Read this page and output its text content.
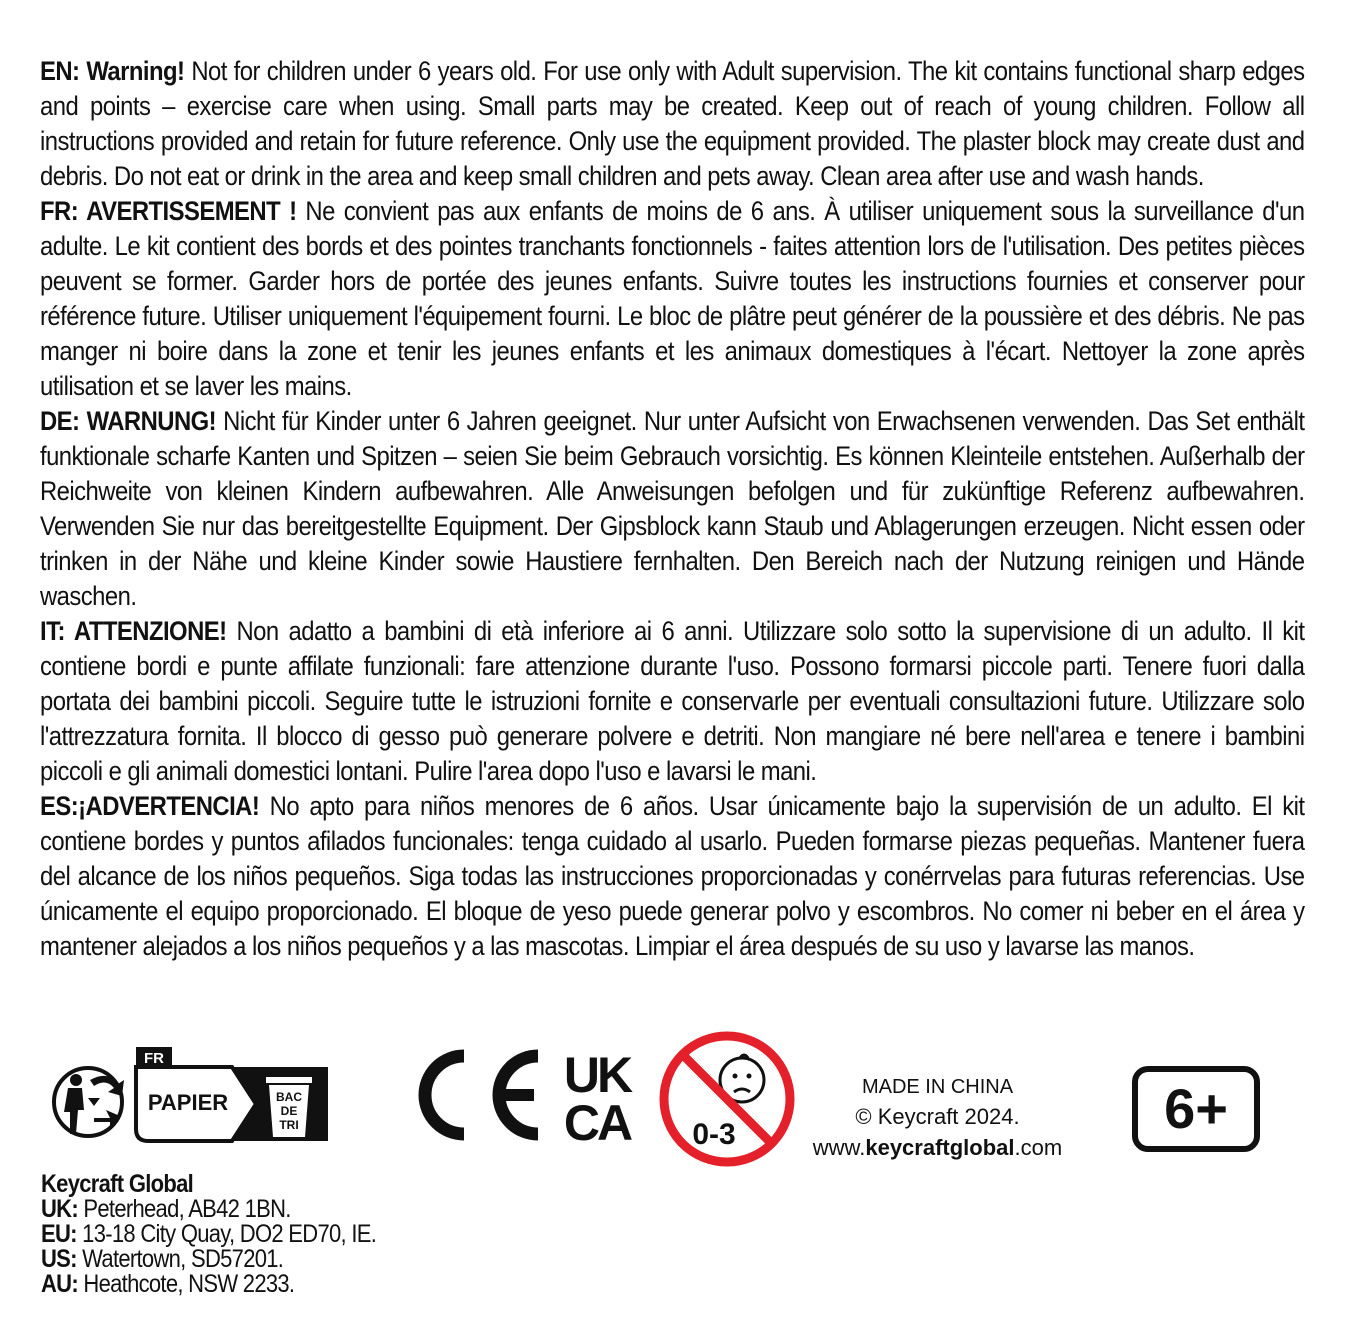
EN: Warning! Not for children under 6 years old. For use only with Adult supervision. The kit contains functional sharp edges and points – exercise care when using. Small parts may be created. Keep out of reach of young children. Follow all instructions provided and retain for future reference. Only use the equipment provided. The plaster block may create dust and debris. Do not eat or drink in the area and keep small children and pets away. Clean area after use and wash hands.

FR: AVERTISSEMENT ! Ne convient pas aux enfants de moins de 6 ans. À utiliser uniquement sous la surveillance d'un adulte. Le kit contient des bords et des pointes tranchants fonctionnels - faites attention lors de l'utilisation. Des petites pièces peuvent se former. Garder hors de portée des jeunes enfants. Suivre toutes les instructions fournies et conserver pour référence future. Utiliser uniquement l'équipement fourni. Le bloc de plâtre peut générer de la poussière et des débris. Ne pas manger ni boire dans la zone et tenir les jeunes enfants et les animaux domestiques à l'écart. Nettoyer la zone après utilisation et se laver les mains.

DE: WARNUNG! Nicht für Kinder unter 6 Jahren geeignet. Nur unter Aufsicht von Erwachsenen verwenden. Das Set enthält funktionale scharfe Kanten und Spitzen – seien Sie beim Gebrauch vorsichtig. Es können Kleinteile entstehen. Außerhalb der Reichweite von kleinen Kindern aufbewahren. Alle Anweisungen befolgen und für zukünftige Referenz aufbewahren. Verwenden Sie nur das bereitgestellte Equipment. Der Gipsblock kann Staub und Ablagerungen erzeugen. Nicht essen oder trinken in der Nähe und kleine Kinder sowie Haustiere fernhalten. Den Bereich nach der Nutzung reinigen und Hände waschen.

IT: ATTENZIONE! Non adatto a bambini di età inferiore ai 6 anni. Utilizzare solo sotto la supervisione di un adulto. Il kit contiene bordi e punte affilate funzionali: fare attenzione durante l'uso. Possono formarsi piccole parti. Tenere fuori dalla portata dei bambini piccoli. Seguire tutte le istruzioni fornite e conservarle per eventuali consultazioni future. Utilizzare solo l'attrezzatura fornita. Il blocco di gesso può generare polvere e detriti. Non mangiare né bere nell'area e tenere i bambini piccoli e gli animali domestici lontani. Pulire l'area dopo l'uso e lavarsi le mani.

ES:¡ADVERTENCIA! No apto para niños menores de 6 años. Usar únicamente bajo la supervisión de un adulto. El kit contiene bordes y puntos afilados funcionales: tenga cuidado al usarlo. Pueden formarse piezas pequeñas. Mantener fuera del alcance de los niños pequeños. Siga todas las instrucciones proporcionadas y conérrvelas para futuras referencias. Use únicamente el equipo proporcionado. El bloque de yeso puede generar polvo y escombros. No comer ni beber en el área y mantener alejados a los niños pequeños y a las mascotas. Limpiar el área después de su uso y lavarse las manos.

FR
PAPIER	BAC
DE
TRI
UK
CA 0-3
MADE IN CHINA
© Keycraft 2024.
www.keycraftglobal.com
6+
Keycraft Global
UK: Peterhead, AB42 1BN.
EU: 13-18 City Quay, DO2 ED70, IE.
US: Watertown, SD57201.
AU: Heathcote, NSW 2233.
